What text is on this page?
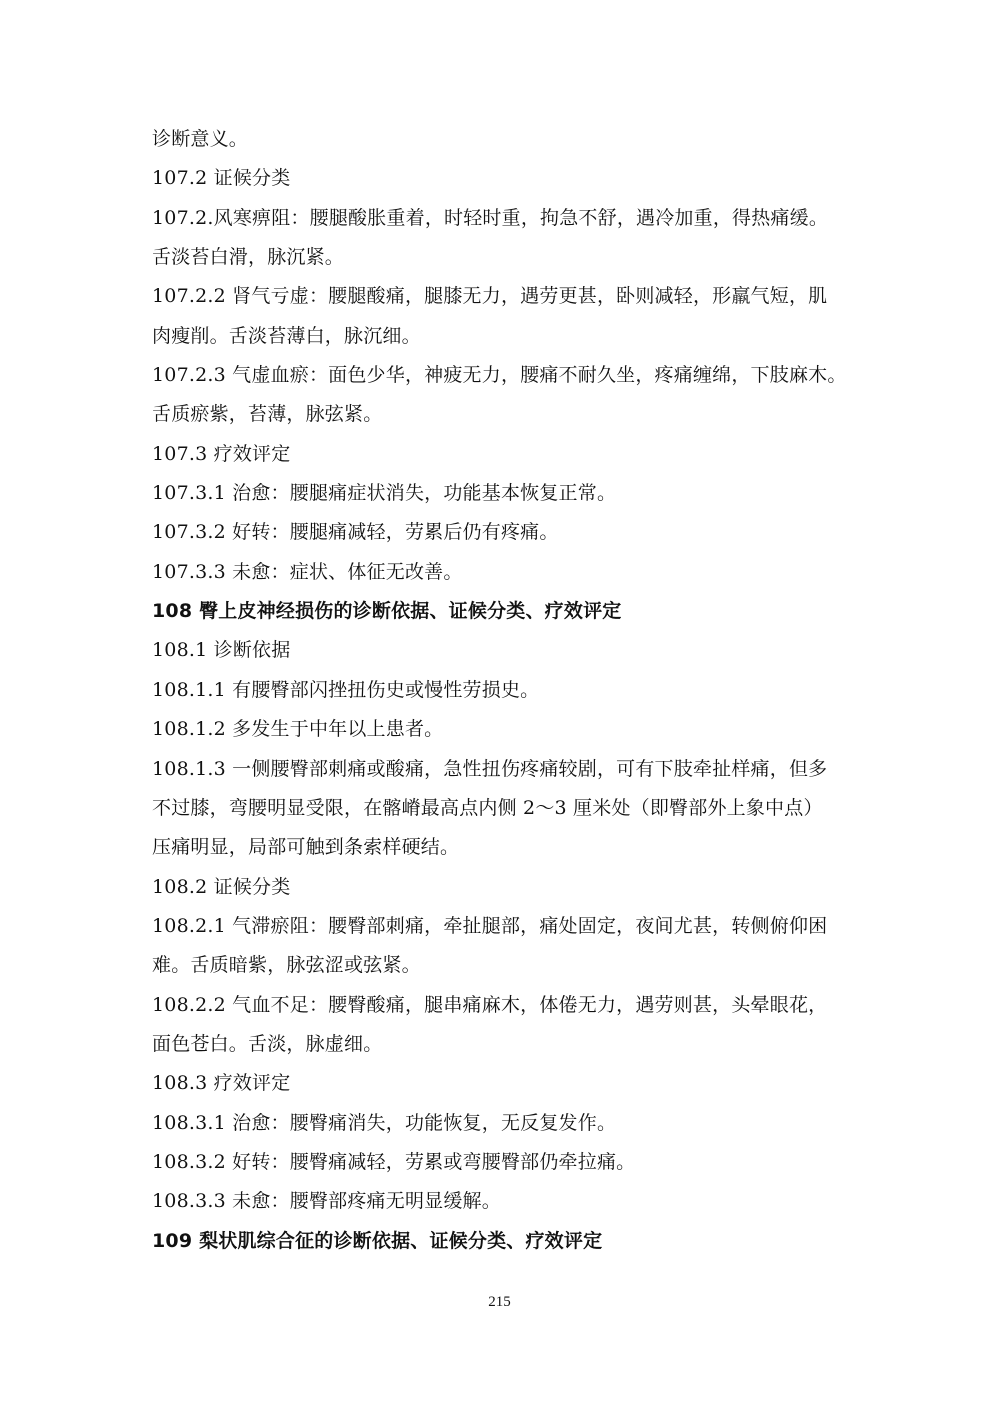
诊断意义。
107.2 证候分类
107.2.风寒痹阻：腰腿酸胀重着，时轻时重，拘急不舒，遇冷加重，得热痛缓。
舌淡苔白滑，脉沉紧。
107.2.2 肾气亏虚：腰腿酸痛，腿膝无力，遇劳更甚，卧则减轻，形羸气短，肌
肉瘦削。舌淡苔薄白，脉沉细。
107.2.3 气虚血瘀：面色少华，神疲无力，腰痛不耐久坐，疼痛缠绵，下肢麻木。
舌质瘀紫，苔薄，脉弦紧。
107.3 疗效评定
107.3.1 治愈：腰腿痛症状消失，功能基本恢复正常。
107.3.2 好转：腰腿痛减轻，劳累后仍有疼痛。
107.3.3 未愈：症状、体征无改善。
108 臀上皮神经损伤的诊断依据、证候分类、疗效评定
108.1 诊断依据
108.1.1 有腰臀部闪挫扭伤史或慢性劳损史。
108.1.2 多发生于中年以上患者。
108.1.3 一侧腰臀部刺痛或酸痛，急性扭伤疼痛较剧，可有下肢牵扯样痛，但多
不过膝，弯腰明显受限，在髂嵴最高点内侧 2～3 厘米处（即臀部外上象中点）
压痛明显，局部可触到条索样硬结。
108.2 证候分类
108.2.1 气滞瘀阻：腰臀部刺痛，牵扯腿部，痛处固定，夜间尤甚，转侧俯仰困
难。舌质暗紫，脉弦涩或弦紧。
108.2.2 气血不足：腰臀酸痛，腿串痛麻木，体倦无力，遇劳则甚，头晕眼花，
面色苍白。舌淡，脉虚细。
108.3 疗效评定
108.3.1 治愈：腰臀痛消失，功能恢复，无反复发作。
108.3.2 好转：腰臀痛减轻，劳累或弯腰臀部仍牵拉痛。
108.3.3 未愈：腰臀部疼痛无明显缓解。
109 梨状肌综合征的诊断依据、证候分类、疗效评定
215
